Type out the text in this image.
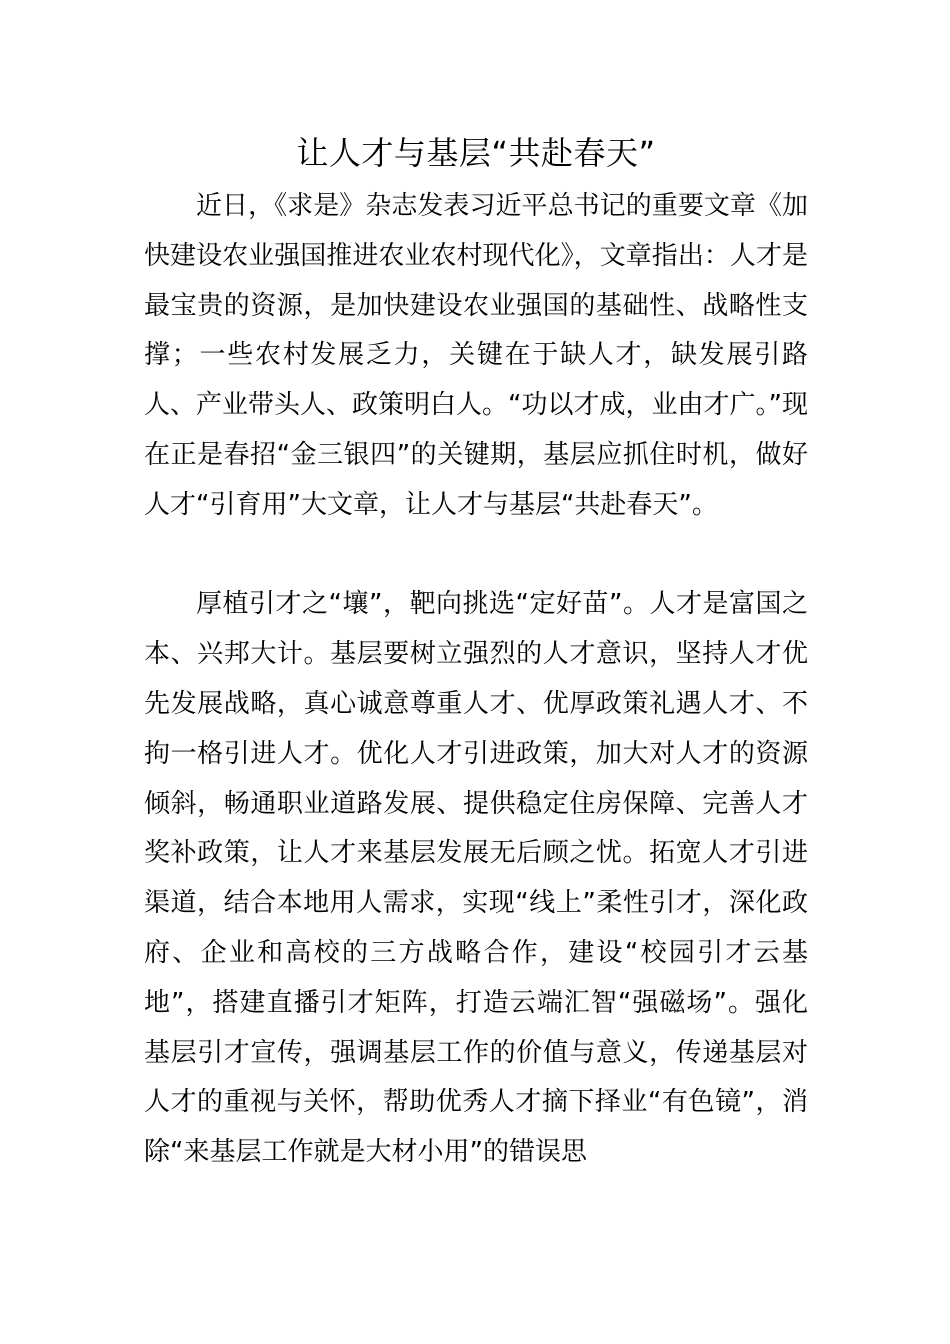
让人才与基层“共赴春天”

近日，《求是》杂志发表习近平总书记的重要文章《加快建设农业强国推进农业农村现代化》，文章指出：人才是最宝贵的资源，是加快建设农业强国的基础性、战略性支撑；一些农村发展乏力，关键在于缺人才，缺发展引路人、产业带头人、政策明白人。“功以才成，业由才广。”现在正是春招“金三银四”的关键期，基层应抓住时机，做好人才“引育用”大文章，让人才与基层“共赴春天”。

厚植引才之“壤”，靶向挑选“定好苗”。人才是富国之本、兴邦大计。基层要树立强烈的人才意识，坚持人才优先发展战略，真心诚意尊重人才、优厚政策礼遇人才、不拘一格引进人才。优化人才引进政策，加大对人才的资源倾斜，畅通职业道路发展、提供稳定住房保障、完善人才奖补政策，让人才来基层发展无后顾之忧。拓宽人才引进渠道，结合本地用人需求，实现“线上”柔性引才，深化政府、企业和高校的三方战略合作，建设“校园引才云基地”，搭建直播引才矩阵，打造云端汇智“强磁场”。强化基层引才宣传，强调基层工作的价值与意义，传递基层对人才的重视与关怀，帮助优秀人才摘下择业“有色镜”，消除“来基层工作就是大材小用”的错误思
